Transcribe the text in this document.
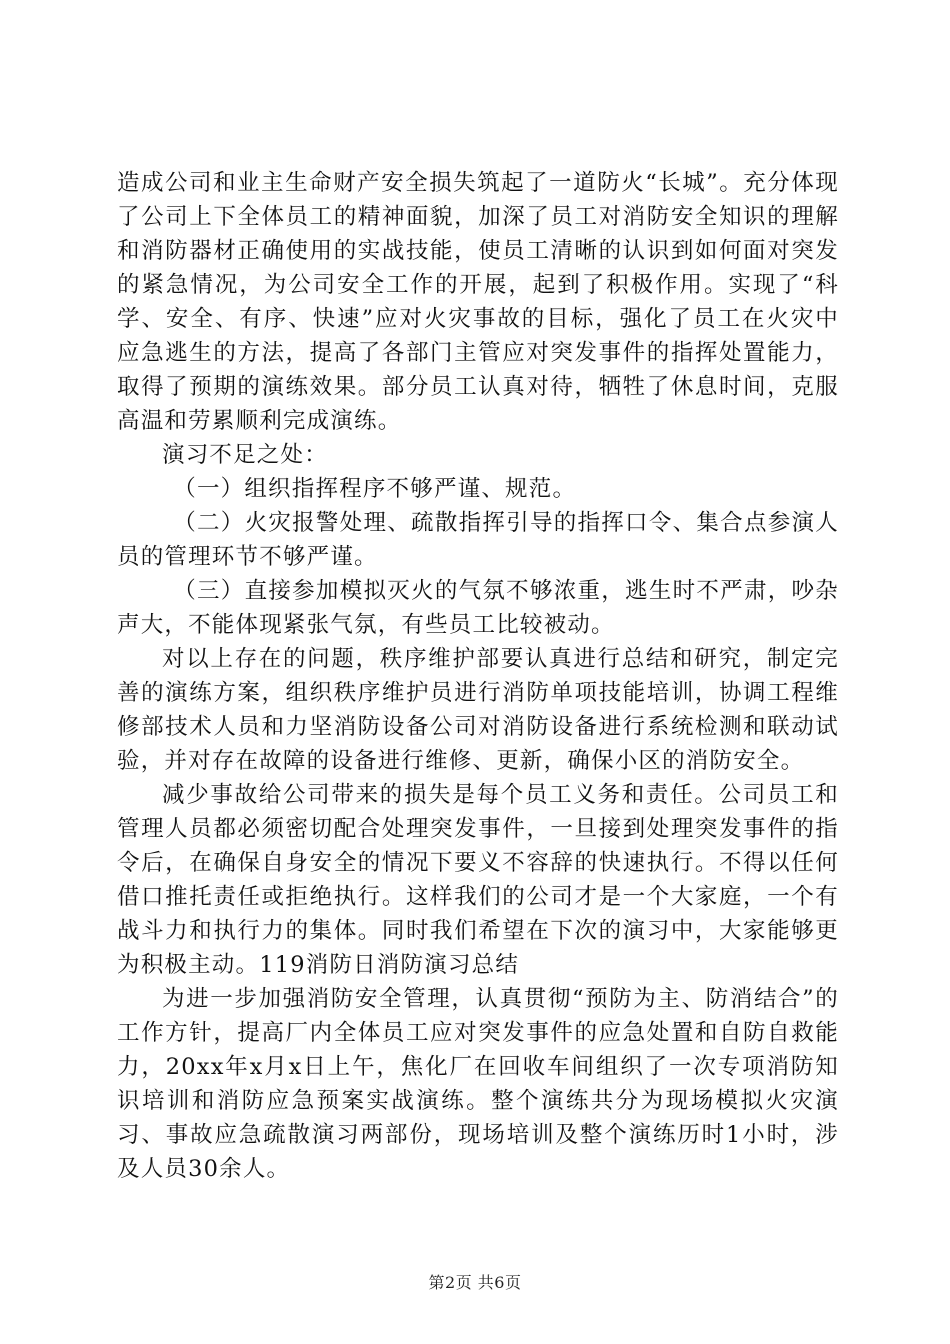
造成公司和业主生命财产安全损失筑起了一道防火“长城”。充分体现了公司上下全体员工的精神面貌，加深了员工对消防安全知识的理解和消防器材正确使用的实战技能，使员工清晰的认识到如何面对突发的紧急情况，为公司安全工作的开展，起到了积极作用。实现了“科学、安全、有序、快速”应对火灾事故的目标，强化了员工在火灾中应急逃生的方法，提高了各部门主管应对突发事件的指挥处置能力，取得了预期的演练效果。部分员工认真对待，牺牲了休息时间，克服高温和劳累顺利完成演练。

演习不足之处：

（一）组织指挥程序不够严谨、规范。

（二）火灾报警处理、疏散指挥引导的指挥口令、集合点参演人员的管理环节不够严谨。

（三）直接参加模拟灭火的气氛不够浓重，逃生时不严肃，吵杂声大，不能体现紧张气氛，有些员工比较被动。

对以上存在的问题，秩序维护部要认真进行总结和研究，制定完善的演练方案，组织秩序维护员进行消防单项技能培训，协调工程维修部技术人员和力坚消防设备公司对消防设备进行系统检测和联动试验，并对存在故障的设备进行维修、更新，确保小区的消防安全。

减少事故给公司带来的损失是每个员工义务和责任。公司员工和管理人员都必须密切配合处理突发事件，一旦接到处理突发事件的指令后，在确保自身安全的情况下要义不容辞的快速执行。不得以任何借口推托责任或拒绝执行。这样我们的公司才是一个大家庭，一个有战斗力和执行力的集体。同时我们希望在下次的演习中，大家能够更为积极主动。119消防日消防演习总结

为进一步加强消防安全管理，认真贯彻“预防为主、防消结合”的工作方针，提高厂内全体员工应对突发事件的应急处置和自防自救能力，20xx年x月x日上午，焦化厂在回收车间组织了一次专项消防知识培训和消防应急预案实战演练。整个演练共分为现场模拟火灾演习、事故应急疏散演习两部份，现场培训及整个演练历时1小时，涉及人员30余人。

第2页 共6页
